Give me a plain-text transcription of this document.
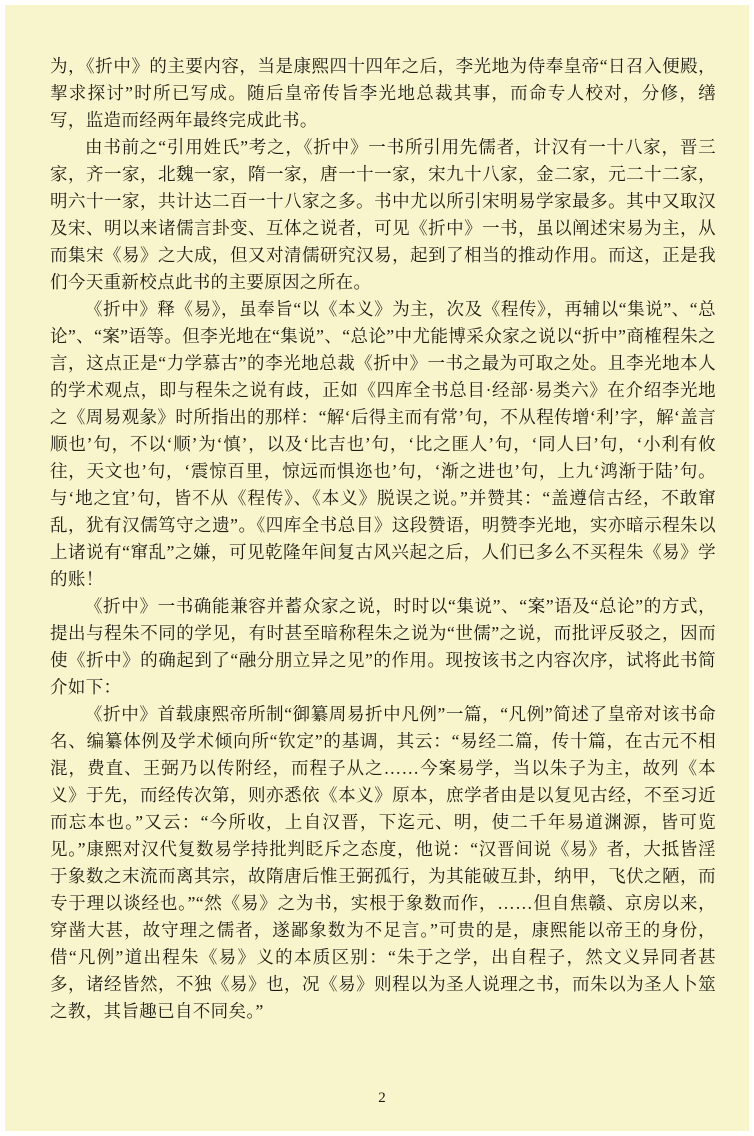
为，《折中》的主要内容，当是康熙四十四年之后，李光地为侍奉皇帝“日召入便殿，挈求探讨”时所已写成。随后皇帝传旨李光地总裁其事，而命专人校对，分修，缮写，监造而经两年最终完成此书。

由书前之“引用姓氏”考之，《折中》一书所引用先儒者，计汉有一十八家，晋三家，齐一家，北魏一家，隋一家，唐一十一家，宋九十八家，金二家，元二十二家，明六十一家，共计达二百一十八家之多。书中尤以所引宋明易学家最多。其中又取汉及宋、明以来诸儒言卦变、互体之说者，可见《折中》一书，虽以阐述宋易为主，从而集宋《易》之大成，但又对清儒研究汉易，起到了相当的推动作用。而这，正是我们今天重新校点此书的主要原因之所在。

《折中》释《易》，虽奉旨“以《本义》为主，次及《程传》，再辅以“集说”、“总论”、“案”语等。但李光地在“集说”、“总论”中尤能博采众家之说以“折中”商榷程朱之言，这点正是“力学慕古”的李光地总裁《折中》一书之最为可取之处。且李光地本人的学术观点，即与程朱之说有歧，正如《四库全书总目·经部·易类六》在介绍李光地之《周易观彖》时所指出的那样：“解‘后得主而有常’句，不从程传增‘利’字，解‘盖言顺也’句，不以‘顺’为‘慎’，以及‘比吉也’句，‘比之匪人’句，‘同人曰’句，‘小利有攸往，天文也’句，‘震惊百里，惊远而惧迩也’句，‘渐之进也’句，上九‘鸿渐于陆’句。与‘地之宜’句，皆不从《程传》、《本义》脱误之说。”并赞其：“盖遵信古经，不敢窜乱，犹有汉儒笃守之遗”。《四库全书总目》这段赞语，明赞李光地，实亦暗示程朱以上诸说有“窜乱”之嫌，可见乾隆年间复古风兴起之后，人们已多么不买程朱《易》学的账！

《折中》一书确能兼容并蓄众家之说，时时以“集说”、“案”语及“总论”的方式，提出与程朱不同的学见，有时甚至暗称程朱之说为“世儒”之说，而批评反驳之，因而使《折中》的确起到了“融分朋立异之见”的作用。现按该书之内容次序，试将此书简介如下：

《折中》首载康熙帝所制“御纂周易折中凡例”一篇，“凡例”简述了皇帝对该书命名、编纂体例及学术倾向所“钦定”的基调，其云：“易经二篇，传十篇，在古元不相混，费直、王弼乃以传附经，而程子从之……今案易学，当以朱子为主，故列《本义》于先，而经传次第，则亦悉依《本义》原本，庶学者由是以复见古经，不至习近而忘本也。”又云：“今所收，上自汉晋，下迄元、明，使二千年易道渊源，皆可览见。”康熙对汉代复数易学持批判眨斥之态度，他说：“汉晋间说《易》者，大抵皆淫于象数之末流而离其宗，故隋唐后惟王弼孤行，为其能破互卦，纳甲，飞伏之陋，而专于理以谈经也。”“然《易》之为书，实根于象数而作，……但自焦赣、京房以来，穿凿大甚，故守理之儒者，遂鄙象数为不足言。”可贵的是，康熙能以帝王的身份，借“凡例”道出程朱《易》义的本质区别：“朱于之学，出自程子，然文义异同者甚多，诸经皆然，不独《易》也，况《易》则程以为圣人说理之书，而朱以为圣人卜筮之教，其旨趣已自不同矣。”

2
